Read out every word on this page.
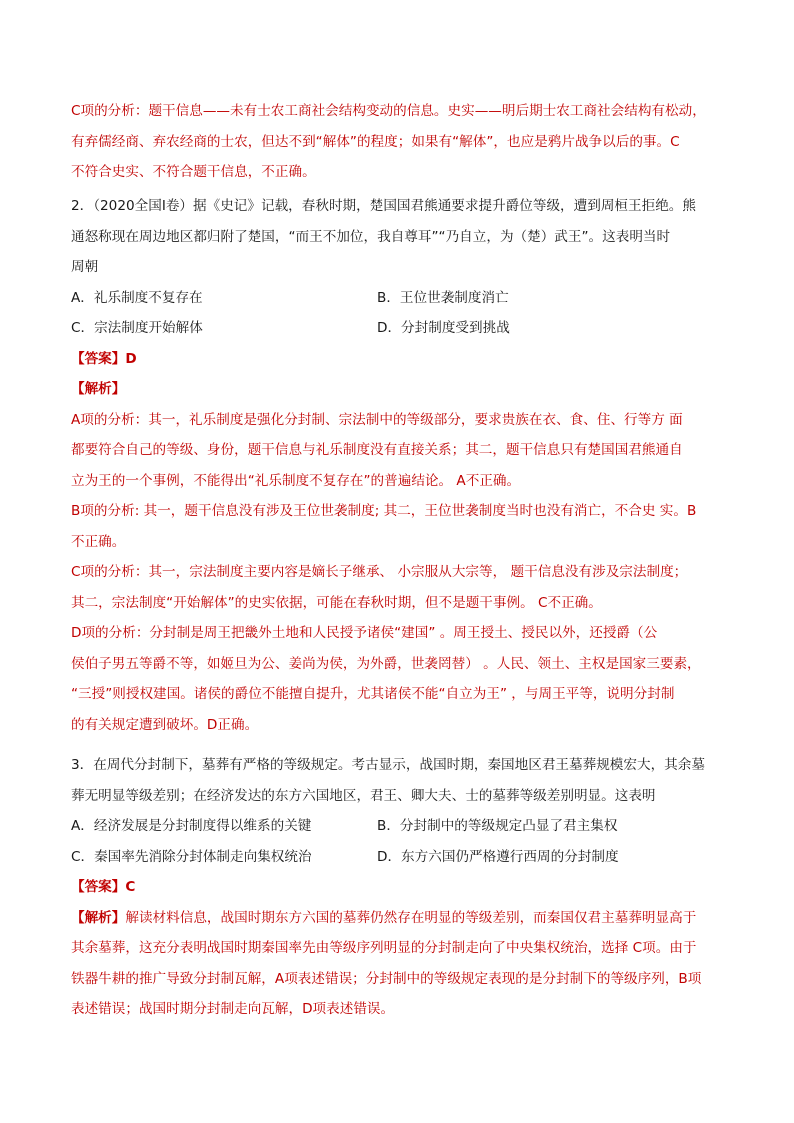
C项的分析：题干信息——未有士农工商社会结构变动的信息。史实——明后期士农工商社会结构有松动，

有弃儒经商、弃农经商的士农，但达不到“解体”的程度；如果有“解体”，也应是鸦片战争以后的事。C

不符合史实、不符合题干信息，不正确。

2．（2020全国Ⅰ卷）据《史记》记载，春秋时期，楚国国君熊通要求提升爵位等级，遭到周桓王拒绝。熊

通怒称现在周边地区都归附了楚国，“而王不加位，我自尊耳”“乃自立，为（楚）武王”。这表明当时

周朝

A．礼乐制度不复存在	B．王位世袭制度消亡
C．宗法制度开始解体	D．分封制度受到挑战

【答案】D

【解析】

A项的分析：其一，礼乐制度是强化分封制、宗法制中的等级部分，要求贵族在衣、食、住、行等方 面

都要符合自己的等级、身份，题干信息与礼乐制度没有直接关系；其二，题干信息只有楚国国君熊通自

立为王的一个事例，不能得出“礼乐制度不复存在”的普遍结论。 A不正确。

B项的分析: 其一，题干信息没有涉及王位世袭制度; 其二，王位世袭制度当时也没有消亡，不合史 实。B

不正确。

C项的分析：其一，宗法制度主要内容是嫡长子继承、 小宗服从大宗等， 题干信息没有涉及宗法制度；

其二，宗法制度“开始解体”的史实依据，可能在春秋时期，但不是题干事例。 C不正确。

D项的分析：分封制是周王把畿外土地和人民授予诸侯“建国” 。周王授土、授民以外，还授爵（公

侯伯子男五等爵不等，如姬旦为公、姜尚为侯，为外爵，世袭罔替） 。人民、领土、主权是国家三要素，

“三授”则授权建国。诸侯的爵位不能擅自提升，尤其诸侯不能“自立为王” ，与周王平等，说明分封制

的有关规定遭到破坏。D正确。

3．在周代分封制下，墓葬有严格的等级规定。考古显示，战国时期，秦国地区君王墓葬规模宏大，其余墓

葬无明显等级差别；在经济发达的东方六国地区，君王、卿大夫、士的墓葬等级差别明显。这表明

A．经济发展是分封制度得以维系的关键	B．分封制中的等级规定凸显了君主集权
C．秦国率先消除分封体制走向集权统治	D．东方六国仍严格遵行西周的分封制度

【答案】C

【解析】解读材料信息，战国时期东方六国的墓葬仍然存在明显的等级差别，而秦国仅君主墓葬明显高于

其余墓葬，这充分表明战国时期秦国率先由等级序列明显的分封制走向了中央集权统治，选择 C项。由于

铁器牛耕的推广导致分封制瓦解，A项表述错误；分封制中的等级规定表现的是分封制下的等级序列，B项

表述错误；战国时期分封制走向瓦解，D项表述错误。
